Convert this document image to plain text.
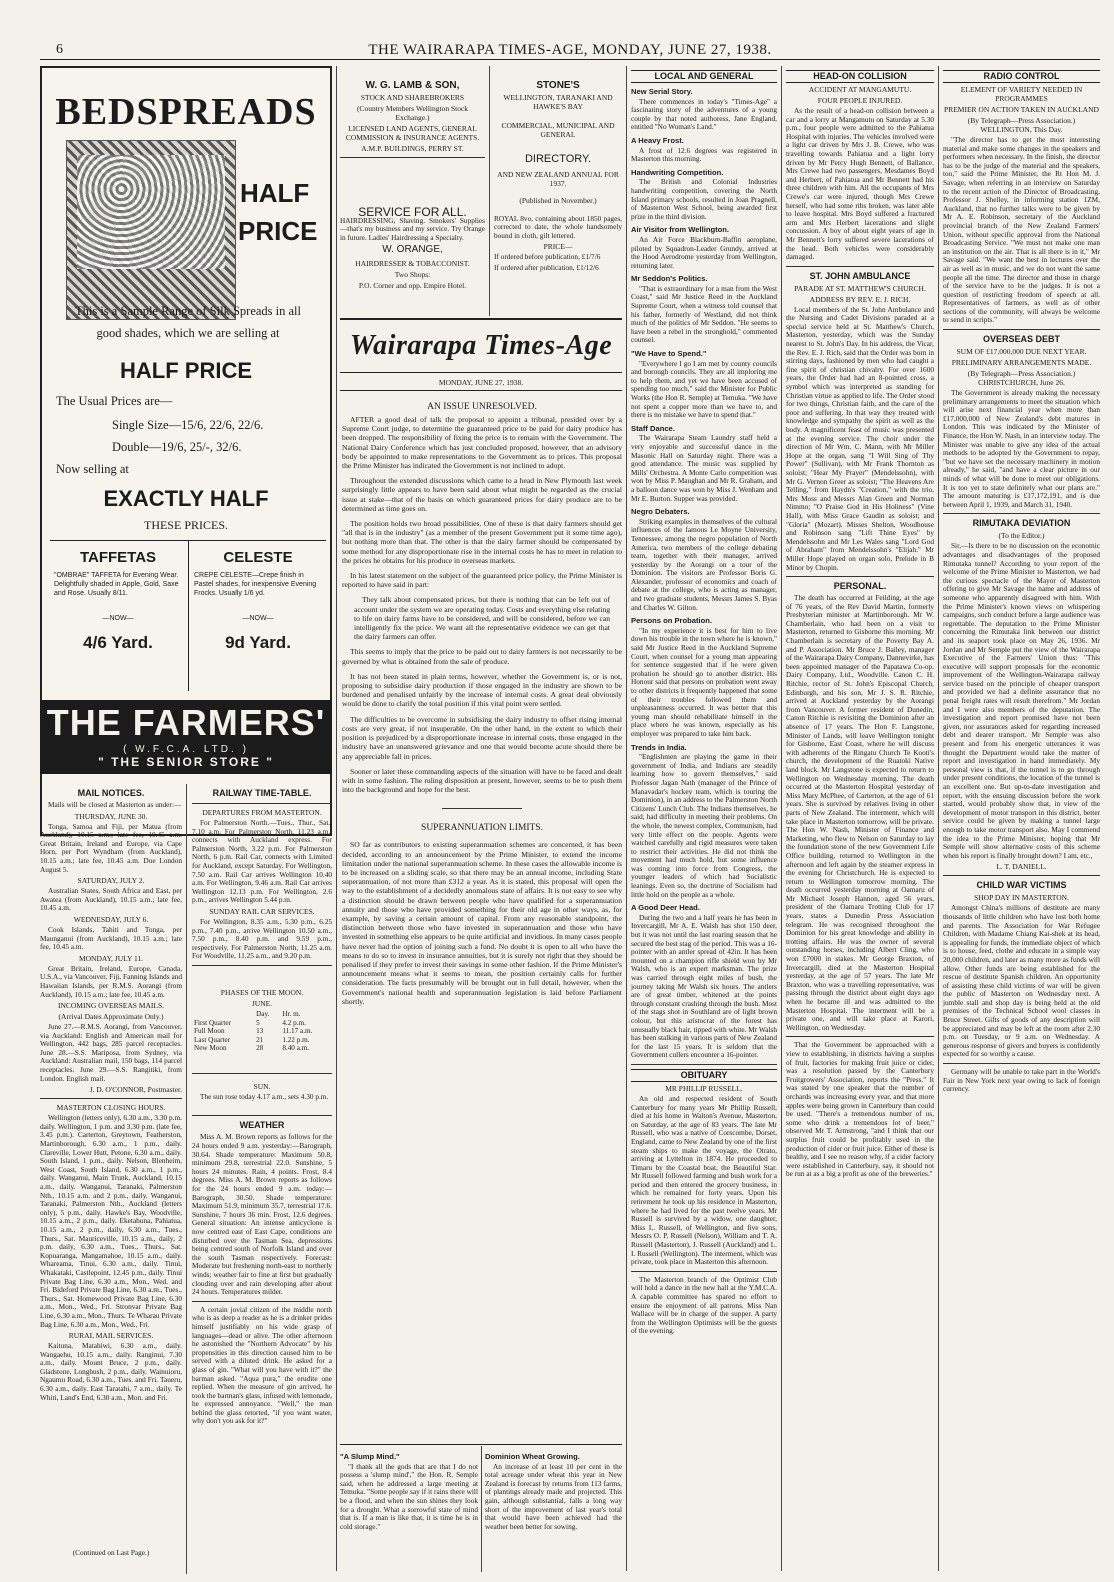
6	THE WAIRARAPA TIMES-AGE, MONDAY, JUNE 27, 1938.
BEDSPREADS
HALF
PRICE
This is a Sample Range of Silk Spreads in all good shades, which we are selling at
HALF PRICE
The Usual Prices are—
Single Size—15/6, 22/6, 22/6.
Double—19/6, 25/-, 32/6.
Now selling at
EXACTLY HALF
THESE PRICES.
TAFFETAS
"OMBRAE" TAFFETA for Evening Wear. Delightfully shaded in Apple, Gold, Saxe and Rose. Usually 8/11.
—NOW—
4/6 Yard.
CELESTE
CREPE CELESTE—Crepe finish in Pastel shades, for inexpensive Evening Frocks. Usually 1/6 yd.
—NOW—
9d Yard.
THE FARMERS'
( W.F.C.A. LTD. )
" THE SENIOR STORE "
MAIL NOTICES.
Mails will be closed at Masterton as under:—
THURSDAY, JUNE 30.
Tonga, Samoa and Fiji, per Matua (from Auckland), 10.15 a.m.; late fee, 10.45 a.m. Great Britain, Ireland and Europe, via Cape Horn, per Port Wyndham (from Auckland), 10.15 a.m.; late fee, 10.45 a.m. Due London August 5.
SATURDAY, JULY 2.
Australian States, South Africa and East, per Awatea (from Auckland), 10.15 a.m.; late fee, 10.45 a.m.
WEDNESDAY, JULY 6.
Cook Islands, Tahiti and Tonga, per Maunganui (from Auckland), 10.15 a.m.; late fee, 10.45 a.m.
MONDAY, JULY 11.
Great Britain, Ireland, Europe, Canada, U.S.A., via Vancouver, Fiji, Fanning Islands and Hawaiian Islands, per R.M.S. Aorangi (from Auckland), 10.15 a.m.; late fee, 10.45 a.m.
INCOMING OVERSEAS MAILS.
(Arrival Dates Approximate Only.)
June 27.—R.M.S. Aorangi, from Vancouver, via Auckland: English and American mail for Wellington, 442 bags, 285 parcel receptacles. June 28.—S.S. Mariposa, from Sydney, via Auckland: Australian mail, 150 bags, 114 parcel receptacles. June 29.—S.S. Rangitiki, from London. English mail.
J. D. O'CONNOR, Postmaster.
MASTERTON CLOSING HOURS.
Wellington (letters only), 6.30 a.m., 3.30 p.m. daily. Wellington, 1 p.m. and 3.30 p.m. (late fee, 3.45 p.m.). Carterton, Greytown, Featherston, Martinborough, 6.30 a.m., 1 p.m., daily. Clareville, Lower Hutt, Petone, 6.30 a.m., daily. South Island, 1 p.m., daily. Nelson, Blenheim, West Coast, South Island, 6.30 a.m., 1 p.m., daily. Wanganui, Main Trunk, Auckland, 10.15 a.m., daily. Wanganui, Taranaki, Palmerston Nth., 10.15 a.m. and 2 p.m., daily. Wanganui, Taranaki, Palmerston Nth., Auckland (letters only), 5 p.m., daily. Hawke's Bay, Woodville, 10.15 a.m., 2 p.m., daily. Eketahuna, Pahiatua, 10.15 a.m., 2 p.m., daily, 6.30 a.m., Tues., Thurs., Sat. Mauriceville, 10.15 a.m., daily, 2 p.m. daily, 6.30 a.m., Tues., Thurs., Sat. Kopuaranga, Mangamahoe, 10.15 a.m., daily. Whareama, Tinui, 6.30 a.m., daily. Tinui, Whakataki, Castlepoint, 12.45 p.m., daily. Tinui Private Bag Line, 6.30 a.m., Mon., Wed. and Fri. Bideford Private Bag Line, 6.30 a.m., Tues., Thurs., Sat. Homewood Private Bag Line, 6.30 a.m., Mon., Wed., Fri. Stronvar Private Bag Line, 6.30 a.m., Mon., Thurs. Te Wharau Private Bag Line, 6.30 a.m., Mon., Wed., Fri.
RURAL MAIL SERVICES.
Kaituna, Matahiwi, 6.30 a.m., daily. Wangaehu, 10.15 a.m., daily. Ranginui, 7.30 a.m., daily. Mount Bruce, 2 p.m., daily. Gladstone, Longbush, 2 p.m., daily. Wainuioru, Ngaumu Road, 6.30 a.m., Tues. and Fri. Taueru, 6.30 a.m., daily. East Taratahi, 7 a.m., daily. Te Whiti, Land's End, 6.30 a.m., Mon. and Fri.
(Continued on Last Page.)
RAILWAY TIME-TABLE.
DEPARTURES FROM MASTERTON.
For Palmerston North.—Tues., Thur., Sat., 7.10 a.m. For Palmerston North, 11.23 a.m., connects with Auckland express. For Palmerston North, 3.22 p.m. For Palmerston North, 6 p.m. Rail Car, connects with Limited for Auckland, except Saturday. For Wellington, 7.50 a.m. Rail Car arrives Wellington 10.40 a.m. For Wellington, 9.46 a.m. Rail Car arrives Wellington 12.13 p.m. For Wellington, 2.6 p.m., arrives Wellington 5.44 p.m.
SUNDAY RAIL CAR SERVICES.
For Wellington, 8.35 a.m., 5.30 p.m., 6.25 p.m., 7.40 p.m., arrive Wellington 10.50 a.m., 7.50 p.m., 8.40 p.m. and 9.59 p.m., respectively. For Palmerston North, 11.25 a.m. For Woodville, 11.25 a.m., and 9.20 p.m.
PHASES OF THE MOON.
JUNE.
	Day.	Hr. m.
First Quarter	5	4.2 p.m.
Full Moon	13	11.17 a.m.
Last Quarter	21	1.22 p.m.
New Moon	28	8.40 a.m.
SUN.
The sun rose today 4.17 a.m., sets 4.30 p.m.
WEATHER
Miss A. M. Brown reports as follows for the 24 hours ended 9 a.m. yesterday:—Barograph, 30.64. Shade temperature: Maximum 50.8, minimum 29.8, terrestrial 22.0. Sunshine, 5 hours 24 minutes. Rain, 4 points. Frost, 8.4 degrees. Miss A. M. Brown reports as follows for the 24 hours ended 9 a.m. today:—Barograph, 30.50. Shade temperature: Maximum 51.9, minimum 35.7, terrestrial 17.6. Sunshine, 7 hours 36 min. Frost, 12.6 degrees. General situation: An intense anticyclone is now centred east of East Cape, conditions are disturbed over the Tasman Sea, depressions being centred south of Norfolk Island and over the south Tasman respectively. Forecast: Moderate but freshening north-east to northerly winds; weather fair to fine at first but gradually clouding over and rain developing after about 24 hours. Temperatures milder.
A certain jovial citizen of the middle north who is as deep a reader as he is a drinker prides himself justifiably on his wide grasp of languages—dead or alive. The other afternoon he astonished the "Northern Advocate" by his propensities in this direction caused him to be served with a diluted drink. He asked for a glass of gin. "What will you have with it?" the barman asked. "Aqua pura," the erudite one replied. When the measure of gin arrived, he took the barman's glass, infused with lemonade, he expressed annoyance. "Well," the man behind the glass retorted, "if you want water, why don't you ask for it?"
W. G. LAMB & SON,
STOCK AND SHAREBROKERS
(Country Members Wellington Stock Exchange.)
LICENSED LAND AGENTS, GENERAL COMMISSION & INSURANCE AGENTS.
A.M.P. BUILDINGS, PERRY ST.
SERVICE FOR ALL.
HAIRDRESSING, Shaving. Smokers' Supplies—that's my business and my service. Try Orange in future. Ladies' Hairdressing a Specialty.
W. ORANGE,
HAIRDRESSER & TOBACCONIST.
Two Shops:
P.O. Corner and opp. Empire Hotel.
STONE'S
WELLINGTON, TARANAKI AND HAWKE'S BAY
COMMERCIAL, MUNICIPAL AND GENERAL
DIRECTORY.
AND NEW ZEALAND ANNUAL FOR 1937.
(Published in November.)
ROYAL 8vo, containing about 1850 pages, corrected to date, the whole handsomely bound in cloth, gilt lettered.
PRICE—
If ordered before publication, £1/7/6
If ordered after publication, £1/12/6
Wairarapa Times-Age
MONDAY, JUNE 27, 1938.
AN ISSUE UNRESOLVED.
AFTER a good deal of talk the proposal to appoint a tribunal, presided over by a Supreme Court judge, to determine the guaranteed price to be paid for dairy produce has been dropped. The responsibility of fixing the price is to remain with the Government. The National Dairy Conference which has just concluded proposed, however, that an advisory body be appointed to make representations to the Government as to prices. This proposal the Prime Minister has indicated the Government is not inclined to adopt.
Throughout the extended discussions which came to a head in New Plymouth last week surprisingly little appears to have been said about what might be regarded as the crucial issue at stake—that of the basis on which guaranteed prices for dairy produce are to be determined as time goes on.
The position holds two broad possibilities. One of these is that dairy farmers should get "all that is in the industry" (as a member of the present Government put it some time ago), but nothing more than that. The other is that the dairy farmer should be compensated by some method for any disproportionate rise in the internal costs he has to meet in relation to the prices he obtains for his produce in overseas markets.
In his latest statement on the subject of the guaranteed price policy, the Prime Minister is reported to have said in part:
They talk about compensated prices, but there is nothing that can be left out of account under the system we are operating today. Costs and everything else relating to life on dairy farms have to be considered, and will be considered, before we can intelligently fix the price. We want all the representative evidence we can get that the dairy farmers can offer.
This seems to imply that the price to be paid out to dairy farmers is not necessarily to be governed by what is obtained from the sale of produce.
It has not been stated in plain terms, however, whether the Government is, or is not, proposing to subsidise dairy production if those engaged in the industry are shown to be burdened and penalised unfairly by the increase of internal costs. A great deal obviously would be done to clarify the total position if this vital point were settled.
The difficulties to be overcome in subsidising the dairy industry to offset rising internal costs are very great, if not insuperable. On the other hand, in the extent to which their position is prejudiced by a disproportionate increase in internal costs, those engaged in the industry have an unanswered grievance and one that would become acute should there be any appreciable fall in prices.
Sooner or later these commanding aspects of the situation will have to be faced and dealt with in some fashion. The ruling disposition at present, however, seems to be to push them into the background and hope for the best.
SUPERANNUATION LIMITS.
SO far as contributors to existing superannuation schemes are concerned, it has been decided, according to an announcement by the Prime Minister, to extend the income limitation under the national superannuation scheme. In these cases the allowable income is to be increased on a sliding scale, so that there may be an annual income, including State superannuation, of not more than £312 a year. As it is stated, this proposal will open the way to the establishment of a decidedly anomalous state of affairs. It is not easy to see why a distinction should be drawn between people who have qualified for a superannuation annuity and those who have provided something for their old age in other ways, as, for example, by saving a certain amount of capital. From any reasonable standpoint, the distinction between those who have invested in superannuation and those who have invested in something else appears to be quite artificial and invidious. In many cases people have never had the option of joining such a fund. No doubt it is open to all who have the means to do so to invest in insurance annuities, but it is surely not right that they should be penalised if they prefer to invest their savings in some other fashion. If the Prime Minister's announcement means what it seems to mean, the position certainly calls for further consideration. The facts presumably will be brought out in full detail, however, when the Government's national health and superannuation legislation is laid before Parliament shortly.
"A Slump Mind."
"I thank all the gods that are that I do not possess a 'slump mind'," the Hon. R. Semple said, when he addressed a large meeting at Temuka. "Some people say if it rains there will be a flood, and when the sun shines they look for a drought. What a sorrowful state of mind that is. If a man is like that, it is time he is in cold storage."
Dominion Wheat Growing.
An increase of at least 10 per cent in the total acreage under wheat this year in New Zealand is forecast by returns from 113 farms, of plantings already made and projected. This gain, although substantial, falls a long way short of the improvement of last year's total that would have been achieved had the weather been better for sowing.
LOCAL AND GENERAL
New Serial Story.
There commences in today's "Times-Age" a fascinating story of the adventures of a young couple by that noted authoress, Jane England, entitled "No Woman's Land."
A Heavy Frost.
A frost of 12.6 degrees was registered in Masterton this morning.
Handwriting Competition.
The British and Colonial Industries handwriting competition, covering the North Island primary schools, resulted in Joan Pragnell, of Masterton West School, being awarded first prize in the third division.
Air Visitor from Wellington.
An Air Force Blackburn-Baffin aeroplane, piloted by Squadron-Leader Grundy, arrived at the Hood Aerodrome yesterday from Wellington, returning later.
Mr Seddon's Politics.
"That is extraordinary for a man from the West Coast," said Mr Justice Reed in the Auckland Supreme Court, when a witness told counsel that his father, formerly of Westland, did not think much of the politics of Mr Seddon. "He seems to have been a rebel in the stronghold," commented counsel.
"We Have to Spend."
"Everywhere I go I am met by county councils and borough councils. They are all imploring me to help them, and yet we have been accused of spending too much," said the Minister for Public Works (the Hon R. Semple) at Temuka. "We have not spent a copper more than we have to, and there is no mistake we have to spend that."
Staff Dance.
The Wairarapa Steam Laundry staff held a very enjoyable and successful dance in the Masonic Hall on Saturday night. There was a good attendance. The music was supplied by Mills' Orchestra. A Monte Carlo competition was won by Miss P. Maughan and Mr R. Graham, and a balloon dance was won by Miss J. Wenham and Mr E. Burton. Supper was provided.
Negro Debaters.
Striking examples in themselves of the cultural influences of the famous Le Moyne University, Tennessee, among the negro population of North America, two members of the college debating team, together with their manager, arrived yesterday by the Aorangi on a tour of the Dominion. The visitors are Professor Boris G. Alexander, professor of economics and coach of debate at the college, who is acting as manager, and two graduate students, Messrs James S. Byas and Charles W. Gilton.
Persons on Probation.
"In my experience it is best for him to live down his trouble in the town where he is known," said Mr Justice Reed in the Auckland Supreme Court, when counsel for a young man appearing for sentence suggested that if he were given probation he should go to another district. His Honour said that persons on probation went away to other districts it frequently happened that some of their troubles followed them and unpleasantness occurred. It was better that this young man should rehabilitate himself in the place where he was known, especially as his employer was prepared to take him back.
Trends in India.
"Englishmen are playing the game in their government of India, and Indians are steadily learning how to govern themselves," said Professor Jagan Nath (manager of the Prince of Manavadar's hockey team, which is touring the Dominion), in an address to the Palmerston North Citizens' Lunch Club. The Indians themselves, he said, had difficulty in meeting their problems. On the whole, the newest complex, Communism, had very little effect on the people. Agents were watched carefully and rigid measures were taken to restrict their activities. He did not think the movement had much hold, but some influence was coming into force from Congress, the younger leaders of which had Socialistic leanings. Even so, the doctrine of Socialism had little hold on the people as a whole.
A Good Deer Head.
During the two and a half years he has been in Invercargill, Mr A. E. Walsh has shot 150 deer, but it was not until the last roaring season that he secured the best stag of the period. This was a 16-pointer with an antler spread of 42in. It has been mounted on a champion rifle shield won by Mr Walsh, who is an expert marksman. The prize was carried through eight miles of bush, the journey taking Mr Walsh six hours. The antlers are of great timber, whitened at the points through constant crashing through the bush. Most of the stags shot in Southland are of light brown colour, but this aristocrat of the forest has unusually black hair, tipped with white. Mr Walsh has been stalking in various parts of New Zealand for the last 15 years. It is seldom that the Government cullers encounter a 16-pointer.
OBITUARY
MR PHILLIP RUSSELL.
An old and respected resident of South Canterbury for many years Mr Phillip Russell, died at his home in Walton's Avenue, Masterton, on Saturday, at the age of 83 years. The late Mr Russell, who was a native of Corscombe, Dorset, England, came to New Zealand by one of the first steam ships to make the voyage, the Otrato, arriving at Lyttelton in 1874. He proceeded to Timaru by the Coastal boat, the Beautiful Star. Mr Russell followed farming and bush work for a period and then entered the grocery business, in which he remained for forty years. Upon his retirement he took up his residence in Masterton, where he had lived for the past twelve years. Mr Russell is survived by a widow, one daughter, Miss L. Russell, of Wellington, and five sons, Messrs O. P. Russell (Nelson), William and T. A. Russell (Masterton), J. Russell (Auckland) and L. I. Russell (Wellington). The interment, which was private, took place in Masterton this afternoon.
The Masterton branch of the Optimist Club will hold a dance in the new hall at the Y.M.C.A. A capable committee has spared no effort to ensure the enjoyment of all patrons. Miss Nan Wallace will be in charge of the supper. A party from the Wellington Optimists will be the guests of the evening.
HEAD-ON COLLISION
ACCIDENT AT MANGAMUTU.
FOUR PEOPLE INJURED.
As the result of a head-on collision between a car and a lorry at Mangamutu on Saturday at 5.30 p.m., four people were admitted to the Pahiatua Hospital with injuries. The vehicles involved were a light car driven by Mrs J. B. Crewe, who was travelling towards Pahiatua and a light lorry driven by Mr Percy Hugh Bennett, of Ballance. Mrs Crewe had two passengers, Mesdames Boyd and Herbert, of Pahiatua and Mr Bennett had his three children with him. All the occupants of Mrs Crewe's car were injured, though Mrs Crewe herself, who had some ribs broken, was later able to leave hospital. Mrs Boyd suffered a fractured arm and Mrs Herbert lacerations and slight concussion. A boy of about eight years of age in Mr Bennett's lorry suffered severe lacerations of the head. Both vehicles were considerably damaged.
ST. JOHN AMBULANCE
PARADE AT ST. MATTHEW'S CHURCH.
ADDRESS BY REV. E. J. RICH.
Local members of the St. John Ambulance and the Nursing and Cadet Divisions paraded at a special service held at St. Matthew's Church, Masterton, yesterday, which was the Sunday nearest to St. John's Day. In his address, the Vicar, the Rev. E. J. Rich, said that the Order was born in stirring days, fashioned by men who had caught a fine spirit of christian chivalry. For over 1600 years, the Order had had an 8-pointed cross, a symbol which was interpreted as standing for Christian virtue as applied to life. The Order stood for two things, Christian faith, and the care of the poor and suffering. In that way they treated with knowledge and sympathy the spirit as well as the body. A magnificent feast of music was presented at the evening service. The choir under the direction of Mr Wm. C. Mann, with Mr Miller Hope at the organ, sang "I Will Sing of Thy Power" (Sullivan), with Mr Frank Thornton as soloist; "Hear My Prayer" (Mendelssohn), with Mr G. Vernon Greer as soloist; "The Heavens Are Telling," from Haydn's "Creation," with the trio, Mrs Moss and Messrs Alan Green and Norman Nimmo; "O Praise God in His Holiness" (Vine Hall), with Miss Grace Gaudin as soloist; and "Gloria" (Mozart). Misses Shelton, Woodhouse and Robinson sang "Lift Thine Eyes" by Mendelssohn and Mr Les Wales sang "Lord God of Abraham" from Mendelssohn's "Elijah." Mr Miller Hope played on organ solo, Prelude in B Minor by Chopin.
PERSONAL.
The death has occurred at Feilding, at the age of 76 years, of the Rev David Martin, formerly Presbyterian minister at Martinborough. Mr W. Chamberlain, who had been on a visit to Masterton, returned to Gisborne this morning. Mr Chamberlain is secretary of the Poverty Bay A. and P. Association. Mr Bruce J. Bailey, manager of the Wairarapa Dairy Company, Dannevirke, has been appointed manager of the Papatawa Co-op. Dairy Company, Ltd., Woodville. Canon C. H. Ritchie, rector of St. John's Episcopal Church, Edinburgh, and his son, Mr J. S. R. Ritchie, arrived at Auckland yesterday by the Aorangi from Vancouver. A former resident of Dunedin, Canon Ritchie is revisiting the Dominion after an absence of 17 years. The Hon F. Langstone, Minister of Lands, will leave Wellington tonight for Gisborne, East Coast, where he will discuss with adherents of the Ringatu Church Te Kooti's church, the development of the Ruatoki Native land block. Mr Langstone is expected to return to Wellington on Wednesday morning. The death occurred at the Masterton Hospital yesterday of Miss Mary McPhee, of Carterton, at the age of 61 years. She is survived by relatives living in other parts of New Zealand. The interment, which will take place in Masterton tomorrow, will be private. The Hon W. Nash, Minister of Finance and Marketing, who flew to Nelson on Saturday to lay the foundation stone of the new Government Life Office building, returned to Wellington in the afternoon and left again by the steamer express in the evening for Christchurch. He is expected to return to Wellington tomorrow morning. The death occurred yesterday morning at Oamaru of Mr Michael Joseph Hannon, aged 56 years, president of the Oamaru Trotting Club for 17 years, states a Dunedin Press Association telegram. He was recognised throughout the Dominion for his great knowledge and ability in trotting affairs. He was the owner of several outstanding horses, including Albert Cling, who won £7000 in stakes. Mr George Braxton, of Invercargill, died at the Masterton Hospital yesterday, at the age of 57 years. The late Mr Braxton, who was a travelling representative, was passing through the district about eight days ago when he became ill and was admitted to the Masterton Hospital. The interment will be a private one, and will take place at Karori, Wellington, on Wednesday.
That the Government be approached with a view to establishing, in districts having a surplus of fruit, factories for making fruit juice or cider, was a resolution passed by the Canterbury Fruitgrowers' Association, reports the "Press." It was stated by one speaker that the number of orchards was increasing every year, and that more apples were being grown in Canterbury than could be used. "There's a tremendous number of us, some who drink a tremendous lot of beer," observed Mr T. Armstrong, "and I think that our surplus fruit could be profitably used in the production of cider or fruit juice. Either of these is healthy, and I see no reason why, if a cider factory were established in Canterbury, say, it should not be run at as a big a profit as one of the breweries."
RADIO CONTROL
ELEMENT OF VARIETY NEEDED IN PROGRAMMES
PREMIER ON ACTION TAKEN IN AUCKLAND
(By Telegraph—Press Association.) WELLINGTON, This Day.
"The director has to get the most interesting material and make some changes in the speakers and performers when necessary. In the finish, the director has to be the judge of the material and the speakers, too," said the Prime Minister, the Rt Hon M. J. Savage, when referring in an interview on Saturday to the recent action of the Director of Broadcasting, Professor J. Shelley, in informing station 1ZM, Auckland, that no further talks were to be given by Mr A. E. Robinson, secretary of the Auckland provincial branch of the New Zealand Farmers' Union, without specific approval from the National Broadcasting Service. "We must not make one man an institution on the air. That is all there is in it," Mr Savage said. "We want the best in lectures over the air as well as in music, and we do not want the same people all the time. The director and those in charge of the service have to be the judges. It is not a question of restricting freedom of speech at all. Representatives of farmers, as well as of other sections of the community, will always be welcome to send in scripts."
OVERSEAS DEBT
SUM OF £17,000,000 DUE NEXT YEAR.
PRELIMINARY ARRANGEMENTS MADE.
(By Telegraph—Press Association.) CHRISTCHURCH, June 26.
The Government is already making the necessary preliminary arrangements to meet the situation which will arise next financial year when more than £17,000,000 of New Zealand's debt matures in London. This was indicated by the Minister of Finance, the Hon W. Nash, in an interview today. The Minister was unable to give any idea of the actual methods to be adopted by the Government to repay, "but we have set the necessary machinery in motion already," he said, "and have a clear picture in our minds of what will be done to meet our obligations. It is too yet to state definitely what our plans are." The amount maturing is £17,172,191, and is due between April 1, 1939, and March 31, 1940.
RIMUTAKA DEVIATION
(To the Editor.)
Sir,—Is there to be no discussion on the economic advantages and disadvantages of the proposed Rimutaka tunnel? According to your report of the welcome of the Prime Minister to Masterton, we had the curious spectacle of the Mayor of Masterton offering to give Mr Savage the name and address of someone who apparently disagreed with him. With the Prime Minister's known views on whispering campaigns, such conduct before a large audience was regrettable. The deputation to the Prime Minister concerning the Rimutaka link between our district and its seaport took place on May 26, 1936. Mr Jordan and Mr Semple put the view of the Wairarapa Executive of the Farmers' Union thus: "This executive will support proposals for the economic improvement of the Wellington-Wairarapa railway service based on the principle of cheaper transport and provided we had a definite assurance that no penal freight rates will result therefrom." Mr Jordan and I were also members of the deputation. The investigation and report promised have not been given, nor assurances asked for regarding increased debt and dearer transport. Mr Semple was also present and from his energetic utterances it was thought the Department would take the matter of report and investigation in hand immediately. My personal view is that, if the tunnel is to go through under present conditions, the location of the tunnel is an excellent one. But up-to-date investigation and report, with the ensuing discussion before the work started, would probably show that, in view of the development of motor transport in this district, better service could be given by making a tunnel large enough to take motor transport also. May I commend the idea to the Prime Minister, hoping that Mr Semple will show alternative costs of this scheme when his report is finally brought down? I am, etc.,
L. T. DANIELL.
CHILD WAR VICTIMS
SHOP DAY IN MASTERTON.
Amongst China's millions of destitute are many thousands of little children who have lost both home and parents. The Association for War Refugee Children, with Madame Chiang Kai-shek at its head, is appealing for funds, the immediate object of which is to house, feed, clothe and educate in a simple way 20,000 children, and later as many more as funds will allow. Other funds are being established for the rescue of destitute Spanish children. An opportunity of assisting these child victims of war will be given the public of Masterton on Wednesday next. A jumble stall and shop day is being held at the old premises of the Technical School wool classes in Bruce Street. Gifts of goods of any description will be appreciated and may be left at the room after 2.30 p.m. on Tuesday, or 9 a.m. on Wednesday. A generous response of givers and buyers is confidently expected for so worthy a cause.
Germany will be unable to take part in the World's Fair in New York next year owing to lack of foreign currency.
